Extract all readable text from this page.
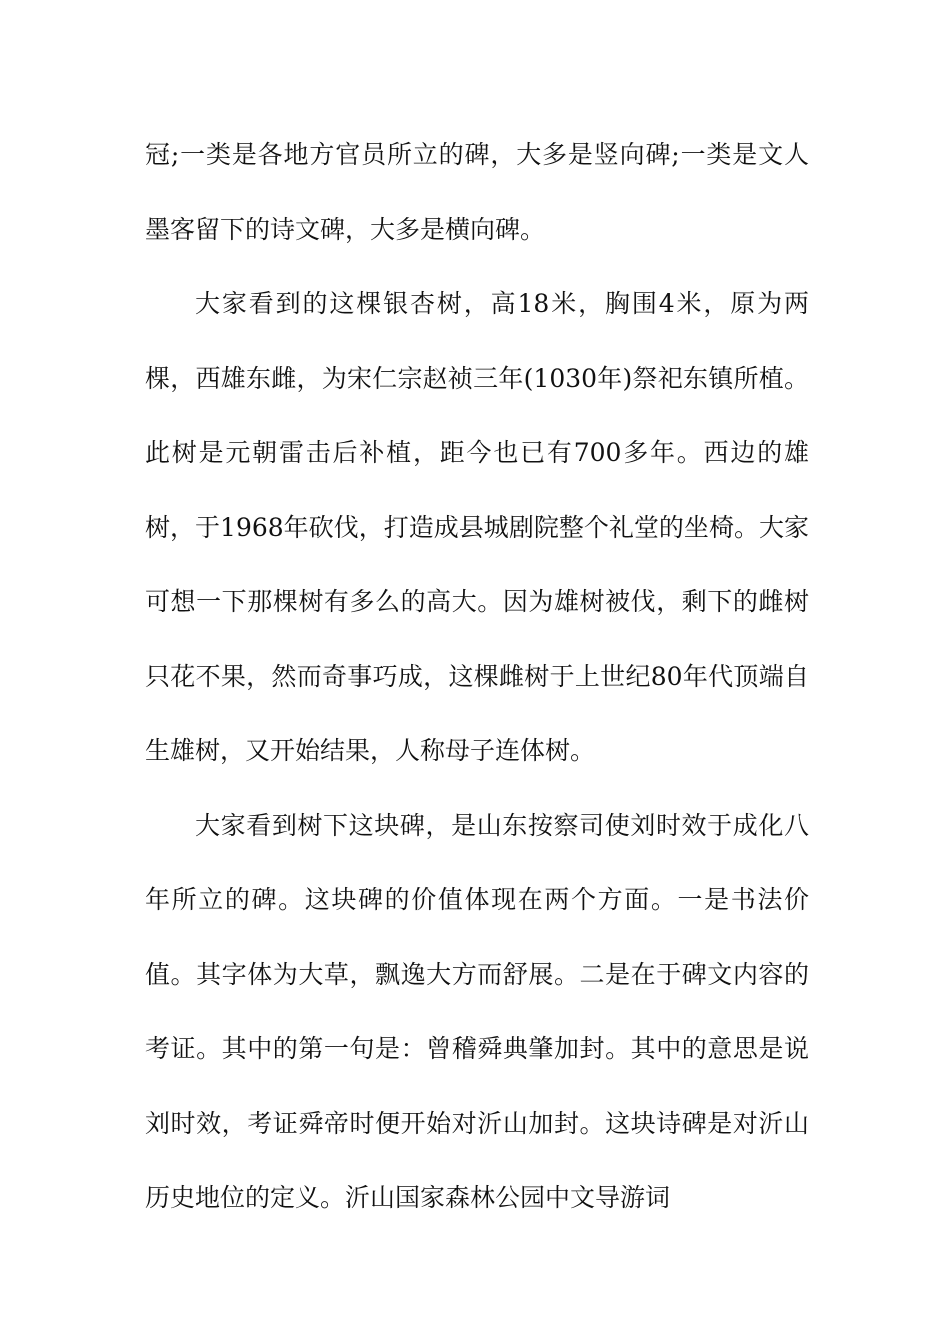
冠;一类是各地方官员所立的碑，大多是竖向碑;一类是文人墨客留下的诗文碑，大多是横向碑。

大家看到的这棵银杏树，高18米，胸围4米，原为两棵，西雄东雌，为宋仁宗赵祯三年(1030年)祭祀东镇所植。此树是元朝雷击后补植，距今也已有700多年。西边的雄树，于1968年砍伐，打造成县城剧院整个礼堂的坐椅。大家可想一下那棵树有多么的高大。因为雄树被伐，剩下的雌树只花不果，然而奇事巧成，这棵雌树于上世纪80年代顶端自生雄树，又开始结果，人称母子连体树。

大家看到树下这块碑，是山东按察司使刘时效于成化八年所立的碑。这块碑的价值体现在两个方面。一是书法价值。其字体为大草，飘逸大方而舒展。二是在于碑文内容的考证。其中的第一句是：曾稽舜典肇加封。其中的意思是说刘时效，考证舜帝时便开始对沂山加封。这块诗碑是对沂山历史地位的定义。沂山国家森林公园中文导游词
